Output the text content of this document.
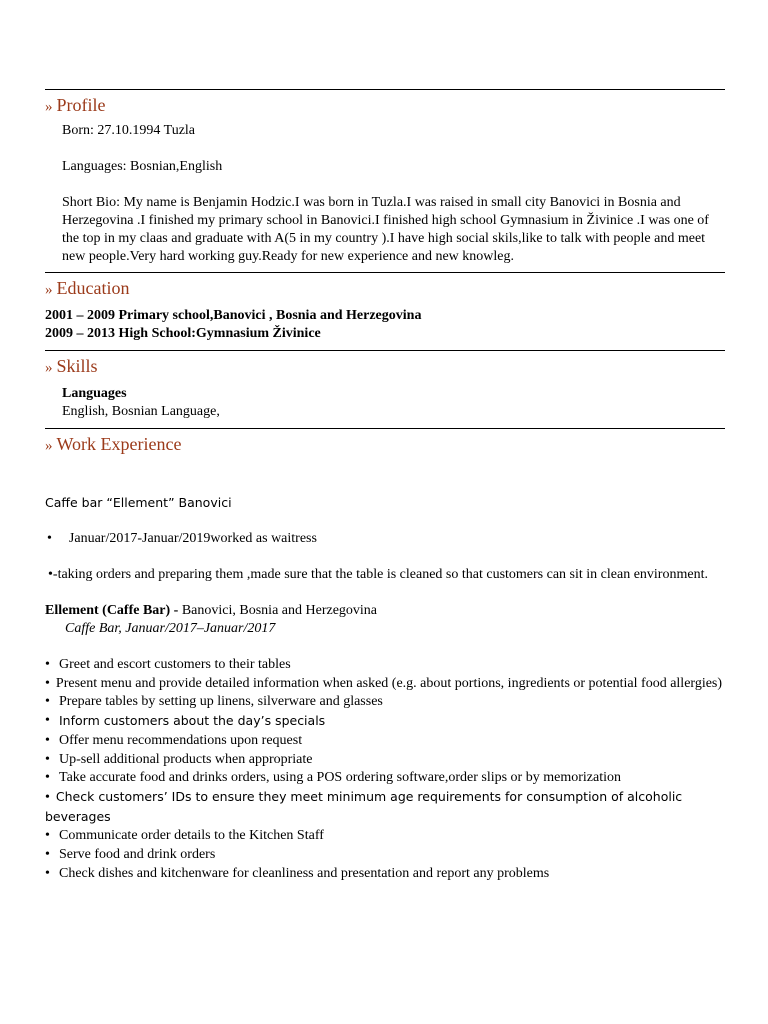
» Profile

Born: 27.10.1994 Tuzla

Languages: Bosnian,English

Short Bio: My name is Benjamin Hodzic.I was born in Tuzla.I was raised in small city Banovici in Bosnia and Herzegovina .I finished my primary school in Banovici.I finished high school Gymnasium in Živinice .I was one of the top in my claas and graduate with A(5 in my country ).I have high social skils,like to talk with people and meet new people.Very hard working guy.Ready for new experience and new knowleg.

» Education

2001 – 2009 Primary school,Banovici , Bosnia and Herzegovina

2009 – 2013 High School:Gymnasium Živinice

» Skills

Languages

English, Bosnian Language,

» Work Experience

Caffe bar “Ellement” Banovici

• Januar/2017-Januar/2019worked as waitress

•-taking orders and preparing them ,made sure that the table is cleaned so that customers can sit in clean environment.

Ellement (Caffe Bar) - Banovici, Bosnia and Herzegovina

Caffe Bar, Januar/2017–Januar/2017

• Greet and escort customers to their tables
• Present menu and provide detailed information when asked (e.g. about portions, ingredients or potential food allergies)
• Prepare tables by setting up linens, silverware and glasses
• Inform customers about the day’s specials
• Offer menu recommendations upon request
• Up-sell additional products when appropriate
• Take accurate food and drinks orders, using a POS ordering software,order slips or by memorization
• Check customers’ IDs to ensure they meet minimum age requirements for consumption of alcoholic beverages
• Communicate order details to the Kitchen Staff
• Serve food and drink orders
• Check dishes and kitchenware for cleanliness and presentation and report any problems
